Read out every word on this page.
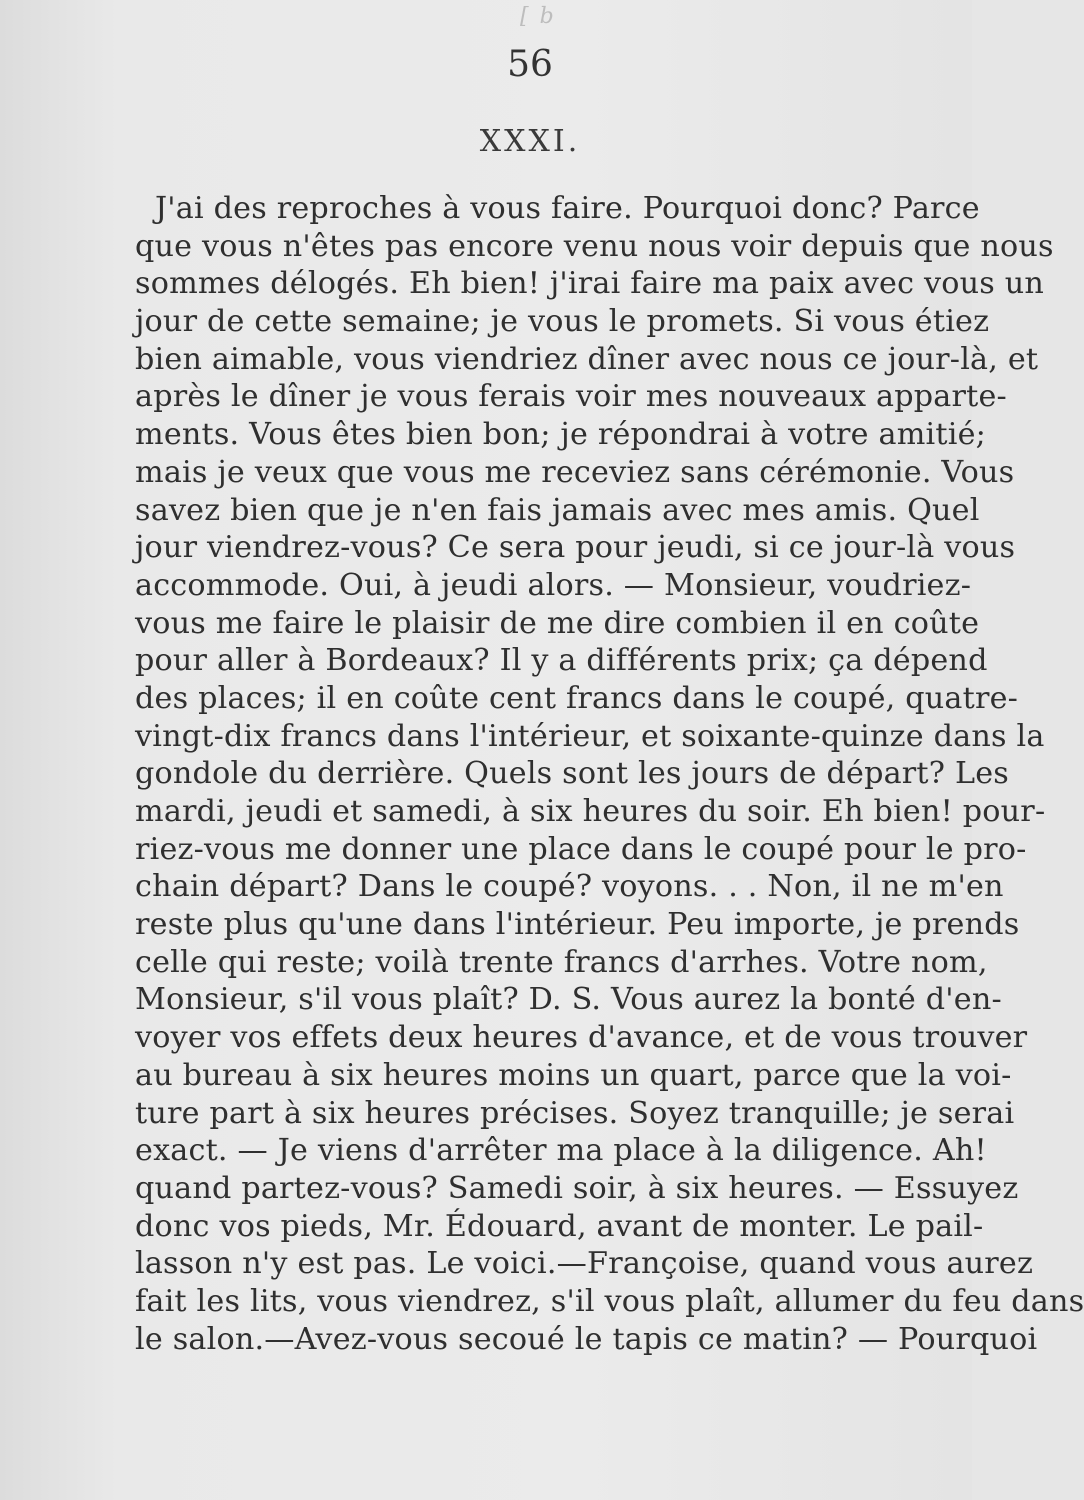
[ b
56
XXXI.
J'ai des reproches à vous faire. Pourquoi donc? Parce
que vous n'êtes pas encore venu nous voir depuis que nous
sommes délogés. Eh bien! j'irai faire ma paix avec vous un
jour de cette semaine; je vous le promets. Si vous étiez
bien aimable, vous viendriez dîner avec nous ce jour-là, et
après le dîner je vous ferais voir mes nouveaux apparte-
ments. Vous êtes bien bon; je répondrai à votre amitié;
mais je veux que vous me receviez sans cérémonie. Vous
savez bien que je n'en fais jamais avec mes amis. Quel
jour viendrez-vous? Ce sera pour jeudi, si ce jour-là vous
accommode. Oui, à jeudi alors. — Monsieur, voudriez-
vous me faire le plaisir de me dire combien il en coûte
pour aller à Bordeaux? Il y a différents prix; ça dépend
des places; il en coûte cent francs dans le coupé, quatre-
vingt-dix francs dans l'intérieur, et soixante-quinze dans la
gondole du derrière. Quels sont les jours de départ? Les
mardi, jeudi et samedi, à six heures du soir. Eh bien! pour-
riez-vous me donner une place dans le coupé pour le pro-
chain départ? Dans le coupé? voyons. . . Non, il ne m'en
reste plus qu'une dans l'intérieur. Peu importe, je prends
celle qui reste; voilà trente francs d'arrhes. Votre nom,
Monsieur, s'il vous plaît? D. S. Vous aurez la bonté d'en-
voyer vos effets deux heures d'avance, et de vous trouver
au bureau à six heures moins un quart, parce que la voi-
ture part à six heures précises. Soyez tranquille; je serai
exact. — Je viens d'arrêter ma place à la diligence. Ah!
quand partez-vous? Samedi soir, à six heures. — Essuyez
donc vos pieds, Mr. Édouard, avant de monter. Le pail-
lasson n'y est pas. Le voici.—Françoise, quand vous aurez
fait les lits, vous viendrez, s'il vous plaît, allumer du feu dans
le salon.—Avez-vous secoué le tapis ce matin? — Pourquoi
